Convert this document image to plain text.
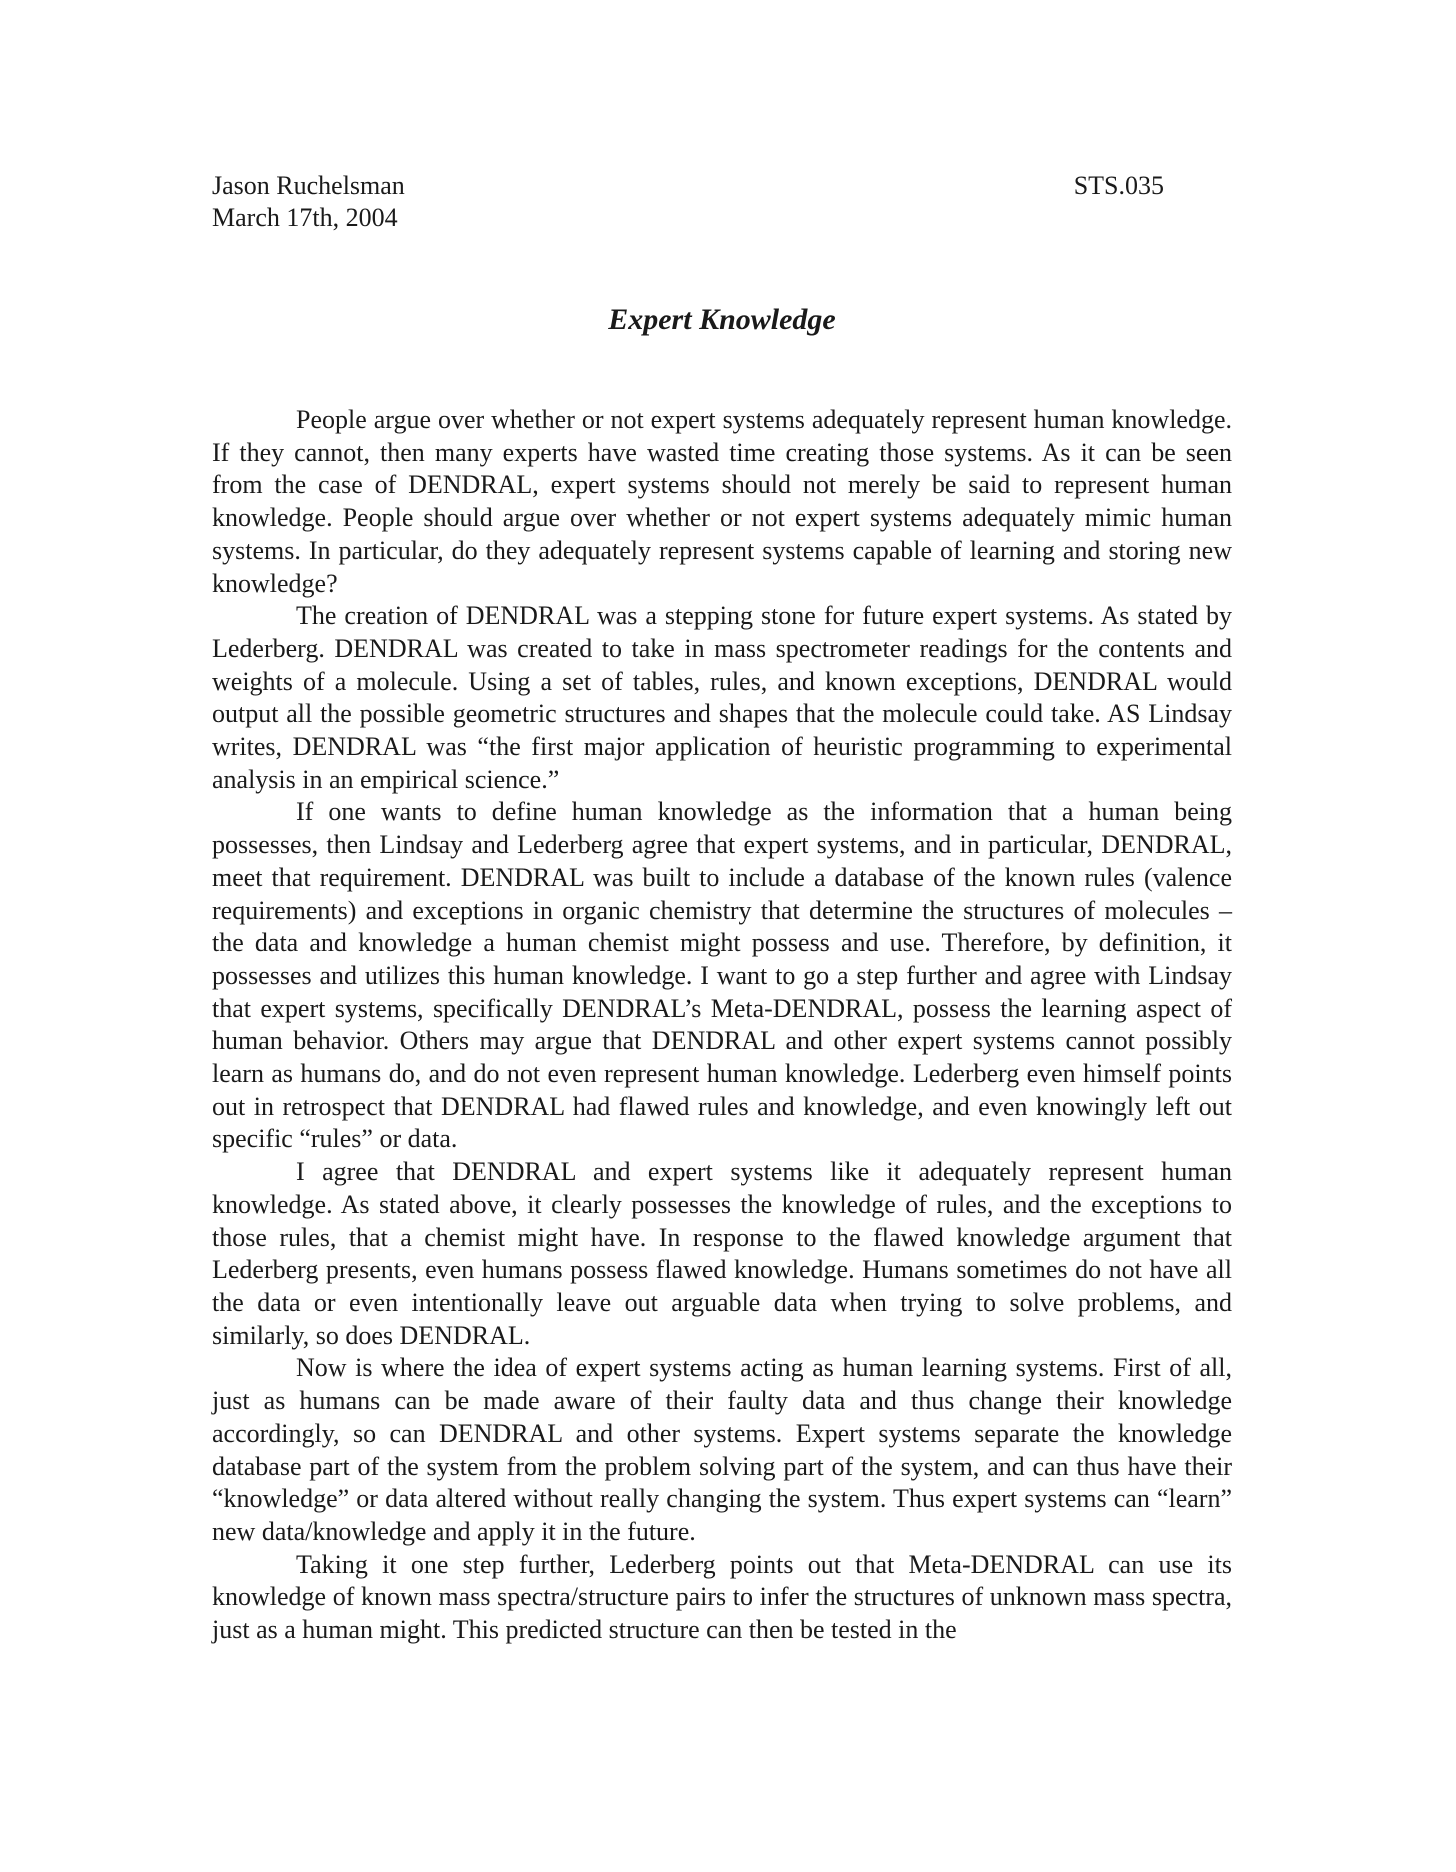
Jason Ruchelsman	STS.035
March 17th, 2004
Expert Knowledge

People argue over whether or not expert systems adequately represent human knowledge. If they cannot, then many experts have wasted time creating those systems. As it can be seen from the case of DENDRAL, expert systems should not merely be said to represent human knowledge. People should argue over whether or not expert systems adequately mimic human systems. In particular, do they adequately represent systems capable of learning and storing new knowledge?

The creation of DENDRAL was a stepping stone for future expert systems. As stated by Lederberg. DENDRAL was created to take in mass spectrometer readings for the contents and weights of a molecule. Using a set of tables, rules, and known exceptions, DENDRAL would output all the possible geometric structures and shapes that the molecule could take. AS Lindsay writes, DENDRAL was “the first major application of heuristic programming to experimental analysis in an empirical science.”

If one wants to define human knowledge as the information that a human being possesses, then Lindsay and Lederberg agree that expert systems, and in particular, DENDRAL, meet that requirement. DENDRAL was built to include a database of the known rules (valence requirements) and exceptions in organic chemistry that determine the structures of molecules – the data and knowledge a human chemist might possess and use. Therefore, by definition, it possesses and utilizes this human knowledge. I want to go a step further and agree with Lindsay that expert systems, specifically DENDRAL’s Meta-DENDRAL, possess the learning aspect of human behavior. Others may argue that DENDRAL and other expert systems cannot possibly learn as humans do, and do not even represent human knowledge. Lederberg even himself points out in retrospect that DENDRAL had flawed rules and knowledge, and even knowingly left out specific “rules” or data.

I agree that DENDRAL and expert systems like it adequately represent human knowledge. As stated above, it clearly possesses the knowledge of rules, and the exceptions to those rules, that a chemist might have. In response to the flawed knowledge argument that Lederberg presents, even humans possess flawed knowledge. Humans sometimes do not have all the data or even intentionally leave out arguable data when trying to solve problems, and similarly, so does DENDRAL.

Now is where the idea of expert systems acting as human learning systems. First of all, just as humans can be made aware of their faulty data and thus change their knowledge accordingly, so can DENDRAL and other systems. Expert systems separate the knowledge database part of the system from the problem solving part of the system, and can thus have their “knowledge” or data altered without really changing the system. Thus expert systems can “learn” new data/knowledge and apply it in the future.

Taking it one step further, Lederberg points out that Meta-DENDRAL can use its knowledge of known mass spectra/structure pairs to infer the structures of unknown mass spectra, just as a human might. This predicted structure can then be tested in the
